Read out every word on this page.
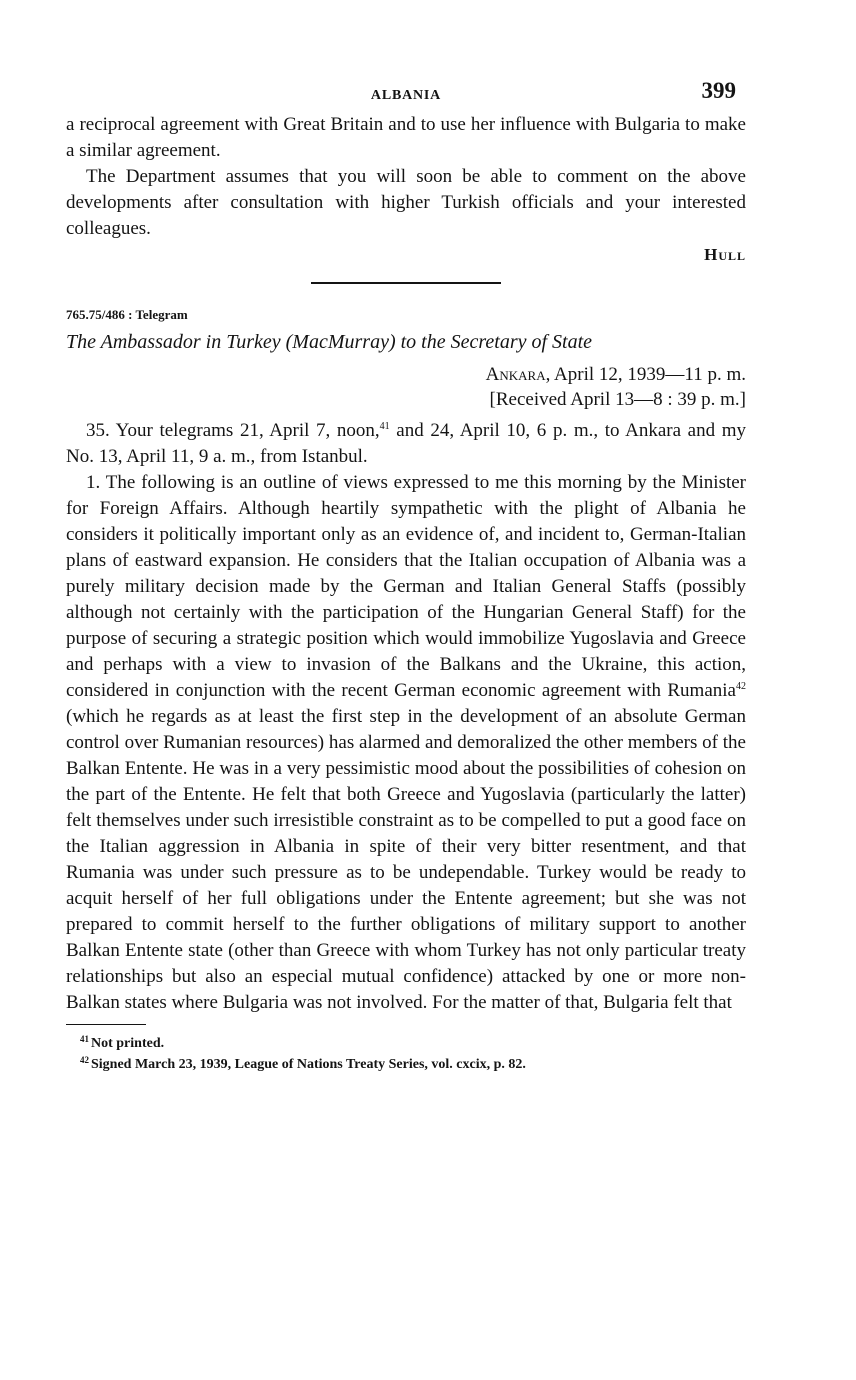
ALBANIA	399

a reciprocal agreement with Great Britain and to use her influence with Bulgaria to make a similar agreement.

The Department assumes that you will soon be able to comment on the above developments after consultation with higher Turkish officials and your interested colleagues.

Hull

765.75/486 : Telegram

The Ambassador in Turkey (MacMurray) to the Secretary of State

Ankara, April 12, 1939—11 p. m.

[Received April 13—8 : 39 p. m.]

35. Your telegrams 21, April 7, noon,$^{41}$ and 24, April 10, 6 p. m., to Ankara and my No. 13, April 11, 9 a. m., from Istanbul.

1. The following is an outline of views expressed to me this morning by the Minister for Foreign Affairs. Although heartily sympathetic with the plight of Albania he considers it politically important only as an evidence of, and incident to, German-Italian plans of eastward expansion. He considers that the Italian occupation of Albania was a purely military decision made by the German and Italian General Staffs (possibly although not certainly with the participation of the Hungarian General Staff) for the purpose of securing a strategic position which would immobilize Yugoslavia and Greece and perhaps with a view to invasion of the Balkans and the Ukraine, this action, considered in conjunction with the recent German economic agreement with Rumania$^{42}$ (which he regards as at least the first step in the development of an absolute German control over Rumanian resources) has alarmed and demoralized the other members of the Balkan Entente. He was in a very pessimistic mood about the possibilities of cohesion on the part of the Entente. He felt that both Greece and Yugoslavia (particularly the latter) felt themselves under such irresistible constraint as to be compelled to put a good face on the Italian aggression in Albania in spite of their very bitter resentment, and that Rumania was under such pressure as to be undependable. Turkey would be ready to acquit herself of her full obligations under the Entente agreement; but she was not prepared to commit herself to the further obligations of military support to another Balkan Entente state (other than Greece with whom Turkey has not only particular treaty relationships but also an especial mutual confidence) attacked by one or more non-Balkan states where Bulgaria was not involved. For the matter of that, Bulgaria felt that

$^{41}$ Not printed.

$^{42}$ Signed March 23, 1939, League of Nations Treaty Series, vol. cxcix, p. 82.
